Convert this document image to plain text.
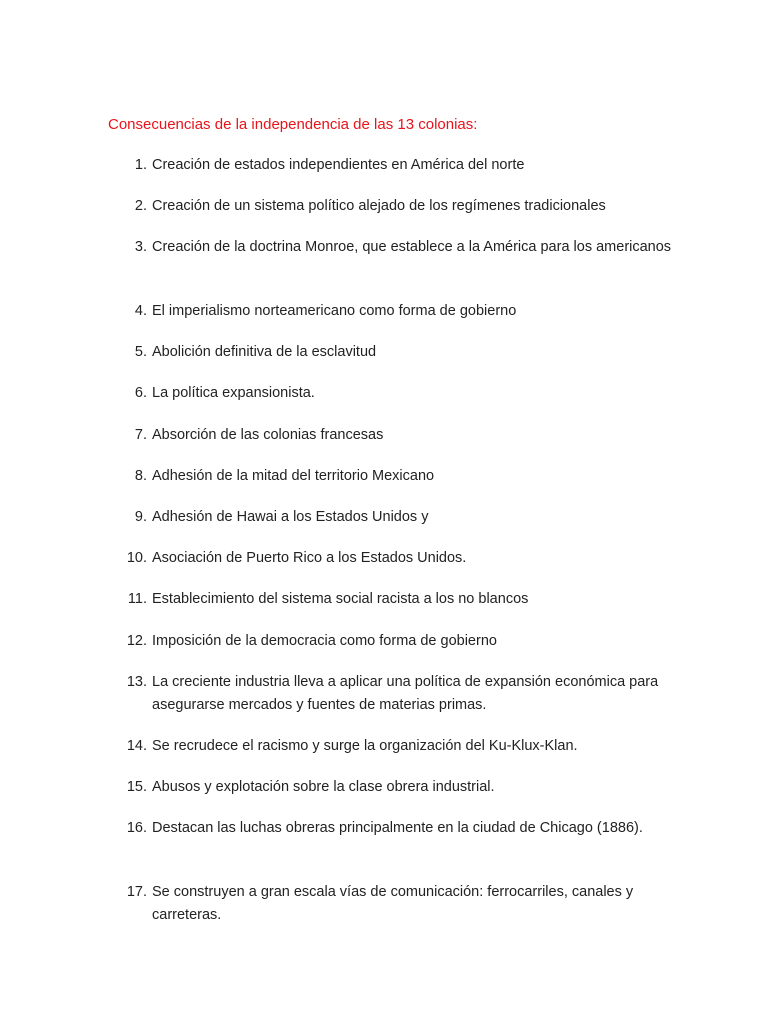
Consecuencias de la independencia de las 13 colonias:
1. Creación de estados independientes en América del norte
2. Creación de un sistema político alejado de los regímenes tradicionales
3. Creación de la doctrina Monroe, que establece a la América para los americanos
4. El imperialismo norteamericano como forma de gobierno
5. Abolición definitiva de la esclavitud
6. La política expansionista.
7. Absorción de las colonias francesas
8. Adhesión de la mitad del territorio Mexicano
9. Adhesión de Hawai a los Estados Unidos y
10. Asociación de Puerto Rico a los Estados Unidos.
11. Establecimiento del sistema social racista a los no blancos
12. Imposición de la democracia como forma de gobierno
13. La creciente industria lleva a aplicar una política de expansión económica para asegurarse mercados y fuentes de materias primas.
14. Se recrudece el racismo y surge la organización del Ku-Klux-Klan.
15. Abusos y explotación sobre la clase obrera industrial.
16. Destacan las luchas obreras principalmente en la ciudad de Chicago (1886).
17. Se construyen a gran escala vías de comunicación: ferrocarriles, canales y carreteras.
